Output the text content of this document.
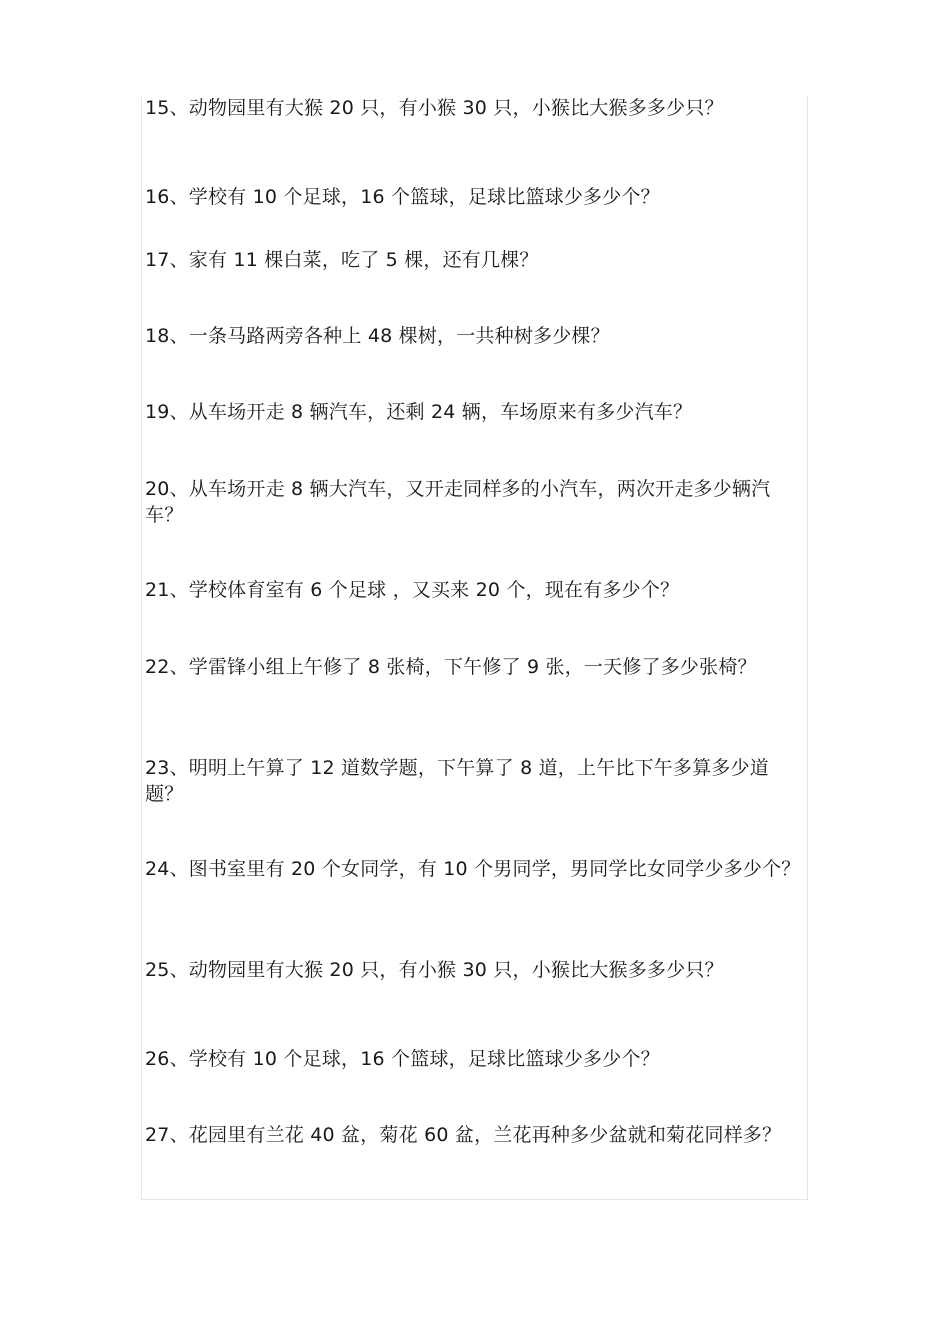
15、动物园里有大猴 20 只，有小猴 30 只，小猴比大猴多多少只？

16、学校有 10 个足球，16 个篮球，足球比篮球少多少个？

17、家有 11 棵白菜，吃了 5 棵，还有几棵？

18、一条马路两旁各种上 48 棵树，一共种树多少棵？

19、从车场开走 8 辆汽车，还剩 24 辆，车场原来有多少汽车？

20、从车场开走 8 辆大汽车，又开走同样多的小汽车，两次开走多少辆汽车？

21、学校体育室有 6 个足球 ，又买来 20 个，现在有多少个？

22、学雷锋小组上午修了 8 张椅，下午修了 9 张，一天修了多少张椅？

23、明明上午算了 12 道数学题，下午算了 8 道，上午比下午多算多少道题？

24、图书室里有 20 个女同学，有 10 个男同学，男同学比女同学少多少个？

25、动物园里有大猴 20 只，有小猴 30 只，小猴比大猴多多少只？

26、学校有 10 个足球，16 个篮球，足球比篮球少多少个？

27、花园里有兰花 40 盆，菊花 60 盆，兰花再种多少盆就和菊花同样多？
